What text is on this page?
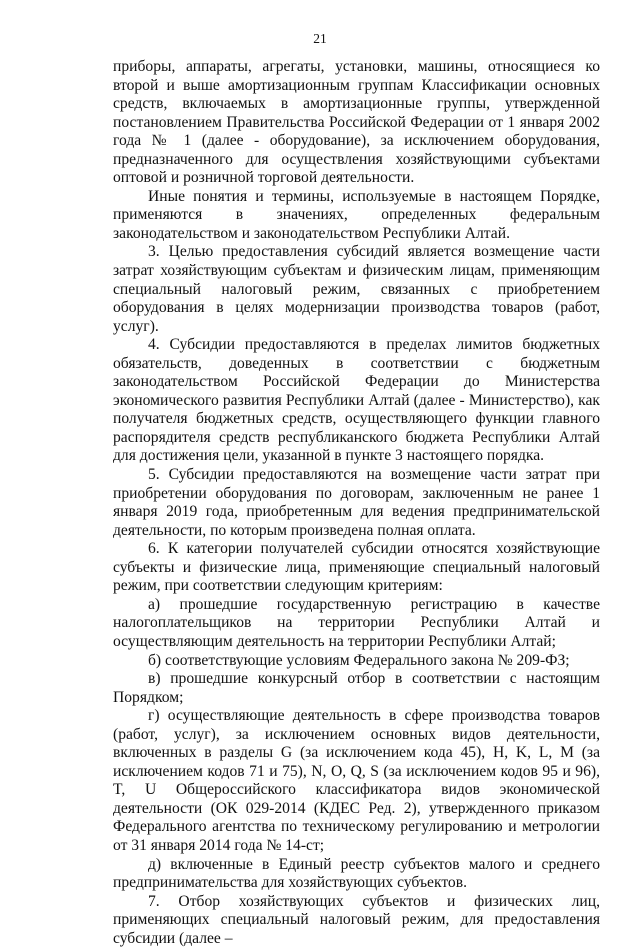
21

приборы, аппараты, агрегаты, установки, машины, относящиеся ко второй и выше амортизационным группам Классификации основных средств, включаемых в амортизационные группы, утвержденной постановлением Правительства Российской Федерации от 1 января 2002 года № 1 (далее - оборудование), за исключением оборудования, предназначенного для осуществления хозяйствующими субъектами оптовой и розничной торговой деятельности.

Иные понятия и термины, используемые в настоящем Порядке, применяются в значениях, определенных федеральным законодательством и законодательством Республики Алтай.

3. Целью предоставления субсидий является возмещение части затрат хозяйствующим субъектам и физическим лицам, применяющим специальный налоговый режим, связанных с приобретением оборудования в целях модернизации производства товаров (работ, услуг).

4. Субсидии предоставляются в пределах лимитов бюджетных обязательств, доведенных в соответствии с бюджетным законодательством Российской Федерации до Министерства экономического развития Республики Алтай (далее - Министерство), как получателя бюджетных средств, осуществляющего функции главного распорядителя средств республиканского бюджета Республики Алтай для достижения цели, указанной в пункте 3 настоящего порядка.

5. Субсидии предоставляются на возмещение части затрат при приобретении оборудования по договорам, заключенным не ранее 1 января 2019 года, приобретенным для ведения предпринимательской деятельности, по которым произведена полная оплата.

6. К категории получателей субсидии относятся хозяйствующие субъекты и физические лица, применяющие специальный налоговый режим, при соответствии следующим критериям:

а) прошедшие государственную регистрацию в качестве налогоплательщиков на территории Республики Алтай и осуществляющим деятельность на территории Республики Алтай;

б) соответствующие условиям Федерального закона № 209-ФЗ;

в) прошедшие конкурсный отбор в соответствии с настоящим Порядком;

г) осуществляющие деятельность в сфере производства товаров (работ, услуг), за исключением основных видов деятельности, включенных в разделы G (за исключением кода 45), H, K, L, M (за исключением кодов 71 и 75), N, O, Q, S (за исключением кодов 95 и 96), T, U Общероссийского классификатора видов экономической деятельности (ОК 029-2014 (КДЕС Ред. 2), утвержденного приказом Федерального агентства по техническому регулированию и метрологии от 31 января 2014 года № 14-ст;

д) включенные в Единый реестр субъектов малого и среднего предпринимательства для хозяйствующих субъектов.

7. Отбор хозяйствующих субъектов и физических лиц, применяющих специальный налоговый режим, для предоставления субсидии (далее –
